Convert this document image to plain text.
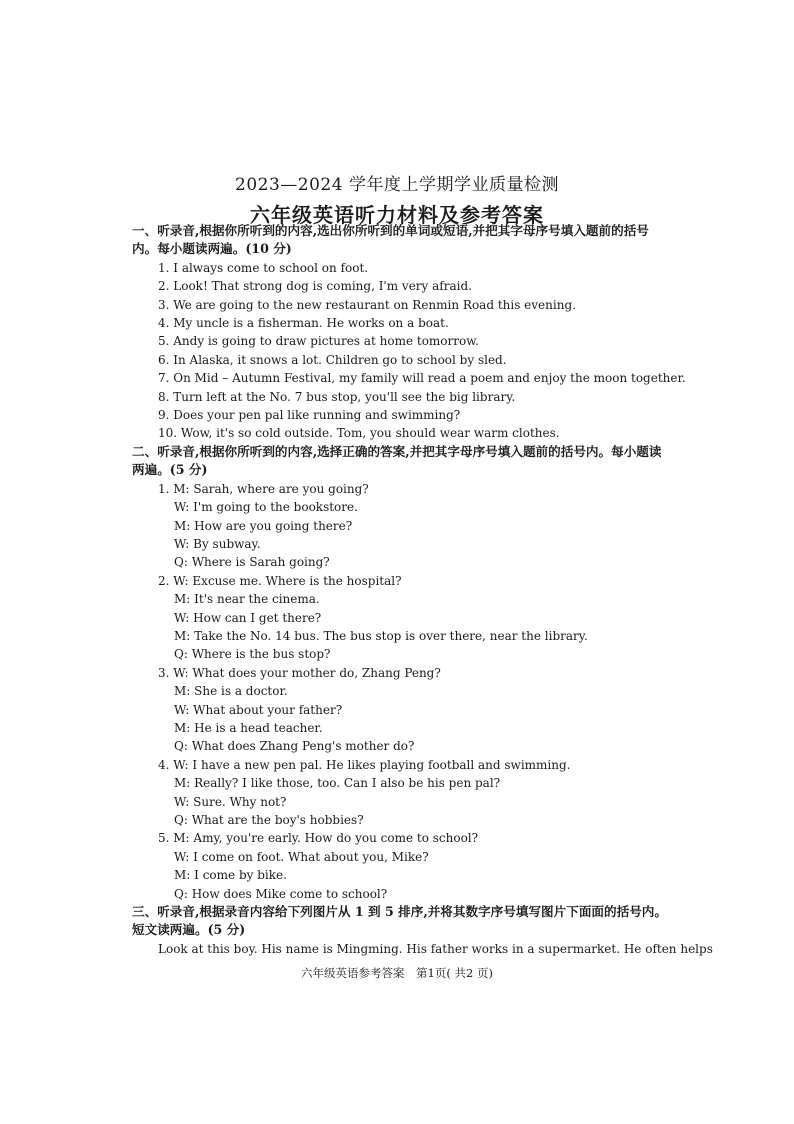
2023—2024 学年度上学期学业质量检测
六年级英语听力材料及参考答案
一、听录音,根据你所听到的内容,选出你所听到的单词或短语,并把其字母序号填入题前的括号内。每小题读两遍。(10 分)
1. I always come to school on foot.
2. Look! That strong dog is coming, I'm very afraid.
3. We are going to the new restaurant on Renmin Road this evening.
4. My uncle is a fisherman. He works on a boat.
5. Andy is going to draw pictures at home tomorrow.
6. In Alaska, it snows a lot. Children go to school by sled.
7. On Mid – Autumn Festival, my family will read a poem and enjoy the moon together.
8. Turn left at the No. 7 bus stop, you'll see the big library.
9. Does your pen pal like running and swimming?
10. Wow, it's so cold outside. Tom, you should wear warm clothes.
二、听录音,根据你所听到的内容,选择正确的答案,并把其字母序号填入题前的括号内。每小题读两遍。(5 分)
1. M: Sarah, where are you going?
W: I'm going to the bookstore.
M: How are you going there?
W: By subway.
Q: Where is Sarah going?
2. W: Excuse me. Where is the hospital?
M: It's near the cinema.
W: How can I get there?
M: Take the No. 14 bus. The bus stop is over there, near the library.
Q: Where is the bus stop?
3. W: What does your mother do, Zhang Peng?
M: She is a doctor.
W: What about your father?
M: He is a head teacher.
Q: What does Zhang Peng's mother do?
4. W: I have a new pen pal. He likes playing football and swimming.
M: Really? I like those, too. Can I also be his pen pal?
W: Sure. Why not?
Q: What are the boy's hobbies?
5. M: Amy, you're early. How do you come to school?
W: I come on foot. What about you, Mike?
M: I come by bike.
Q: How does Mike come to school?
三、听录音,根据录音内容给下列图片从 1 到 5 排序,并将其数字序号填写图片下面面的括号内。短文读两遍。(5 分)
Look at this boy. His name is Mingming. His father works in a supermarket. He often helps
六年级英语参考答案　第1页( 共2 页)
